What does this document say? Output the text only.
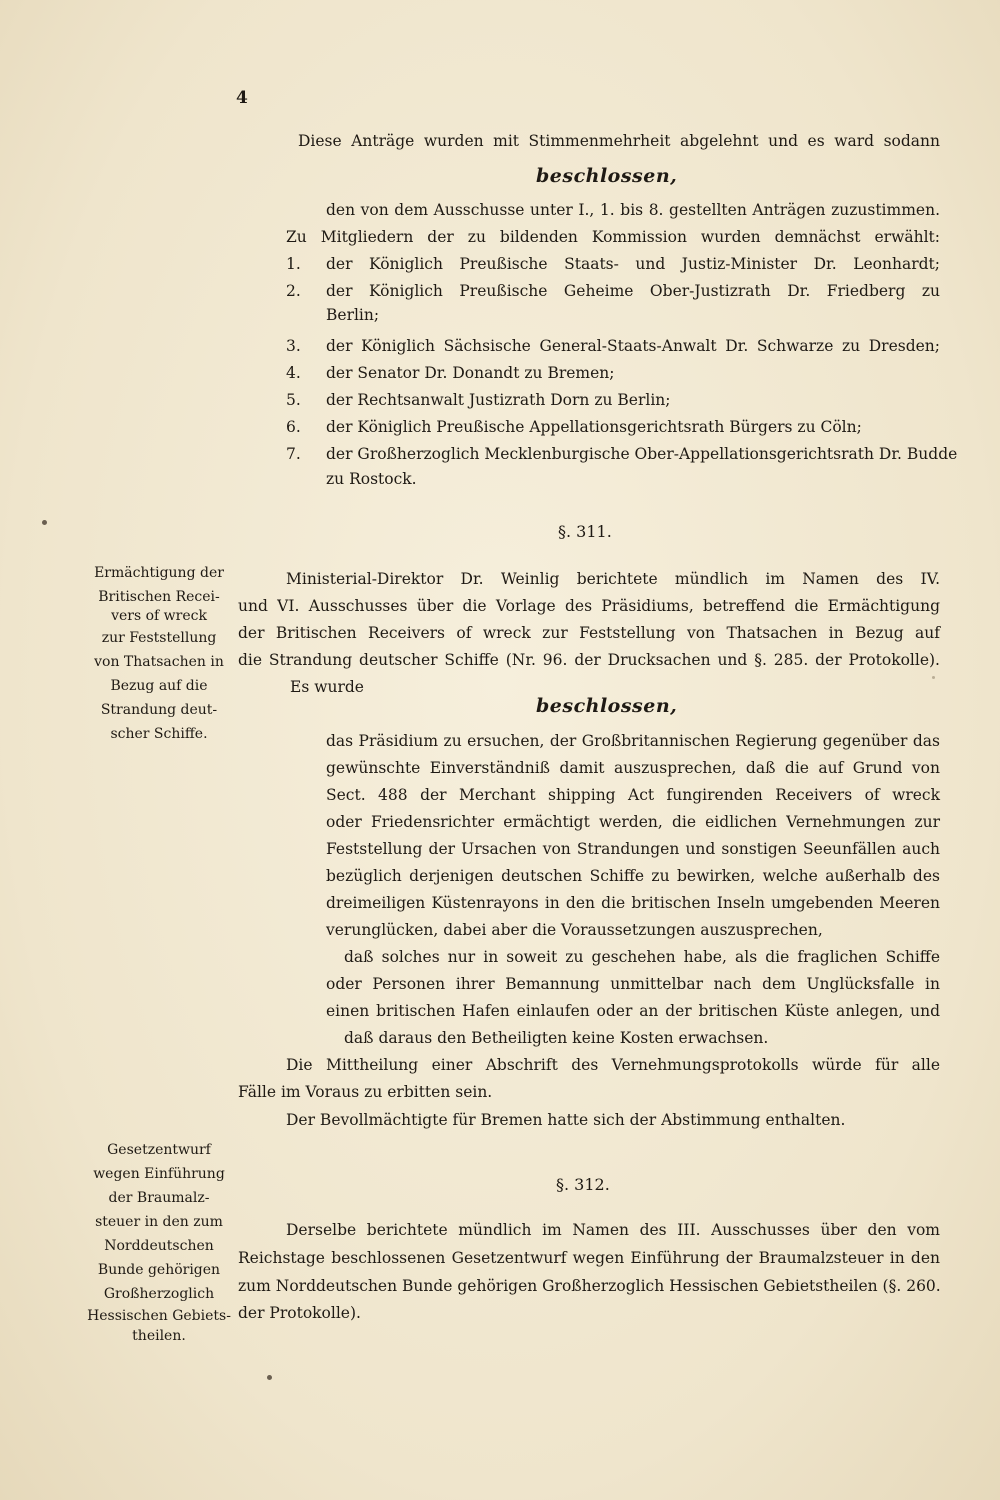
4
Diese Anträge wurden mit Stimmenmehrheit abgelehnt und es ward sodann
beschlossen,
den von dem Ausschusse unter I., 1. bis 8. gestellten Anträgen zuzustimmen.
Zu Mitgliedern der zu bildenden Kommission wurden demnächst erwählt:
1. der Königlich Preußische Staats- und Justiz-Minister Dr. Leonhardt;
2. der Königlich Preußische Geheime Ober-Justizrath Dr. Friedberg zu
Berlin;
3. der Königlich Sächsische General-Staats-Anwalt Dr. Schwarze zu Dresden;
4. der Senator Dr. Donandt zu Bremen;
5. der Rechtsanwalt Justizrath Dorn zu Berlin;
6. der Königlich Preußische Appellationsgerichtsrath Bürgers zu Cöln;
7. der Großherzoglich Mecklenburgische Ober-Appellationsgerichtsrath Dr. Budde
zu Rostock.
§. 311.
Ermächtigung der
Britischen Recei-
vers of wreck
zur Feststellung
von Thatsachen in
Bezug auf die
Strandung deut-
scher Schiffe.
Ministerial-Direktor Dr. Weinlig berichtete mündlich im Namen des IV.
und VI. Ausschusses über die Vorlage des Präsidiums, betreffend die Ermächtigung
der Britischen Receivers of wreck zur Feststellung von Thatsachen in Bezug auf
die Strandung deutscher Schiffe (Nr. 96. der Drucksachen und §. 285. der Protokolle).
Es wurde
beschlossen,
das Präsidium zu ersuchen, der Großbritannischen Regierung gegenüber das
gewünschte Einverständniß damit auszusprechen, daß die auf Grund von
Sect. 488 der Merchant shipping Act fungirenden Receivers of wreck
oder Friedensrichter ermächtigt werden, die eidlichen Vernehmungen zur
Feststellung der Ursachen von Strandungen und sonstigen Seeunfällen auch
bezüglich derjenigen deutschen Schiffe zu bewirken, welche außerhalb des
dreimeiligen Küstenrayons in den die britischen Inseln umgebenden Meeren
verunglücken, dabei aber die Voraussetzungen auszusprechen,
daß solches nur in soweit zu geschehen habe, als die fraglichen Schiffe
oder Personen ihrer Bemannung unmittelbar nach dem Unglücksfalle in
einen britischen Hafen einlaufen oder an der britischen Küste anlegen, und
daß daraus den Betheiligten keine Kosten erwachsen.
Die Mittheilung einer Abschrift des Vernehmungsprotokolls würde für alle
Fälle im Voraus zu erbitten sein.
Der Bevollmächtigte für Bremen hatte sich der Abstimmung enthalten.
§. 312.
Gesetzentwurf
wegen Einführung
der Braumalz-
steuer in den zum
Norddeutschen
Bunde gehörigen
Großherzoglich
Hessischen Gebiets-
theilen.
Derselbe berichtete mündlich im Namen des III. Ausschusses über den vom
Reichstage beschlossenen Gesetzentwurf wegen Einführung der Braumalzsteuer in den
zum Norddeutschen Bunde gehörigen Großherzoglich Hessischen Gebietstheilen (§. 260.
der Protokolle).
